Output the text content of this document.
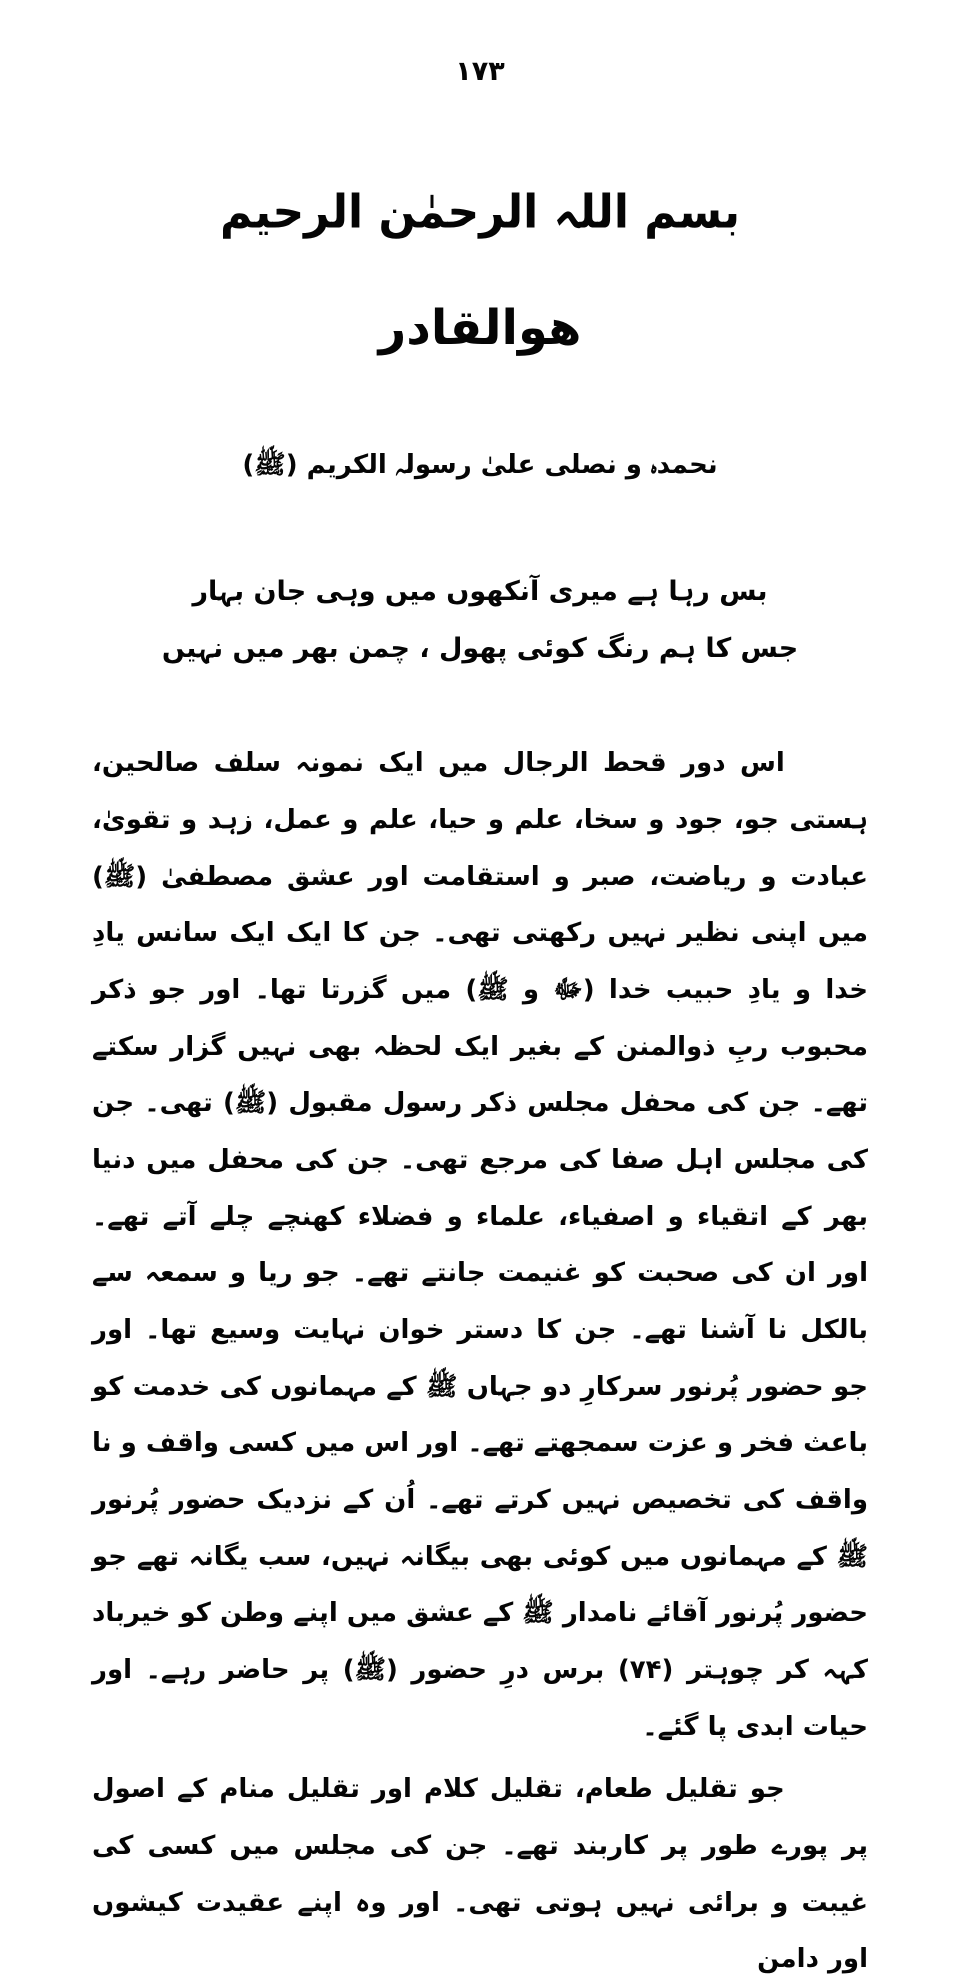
۱۷۳
بسم اللہ الرحمٰن الرحیم
ھوالقادر
نحمدہ و نصلی علیٰ رسولہ الکریم (ﷺ)
بس رہا ہے میری آنکھوں میں وہی جان بہار
جس کا ہم رنگ کوئی پھول ، چمن بھر میں نہیں

اس دور قحط الرجال میں ایک نمونہ سلف صالحین، ہستی جو، جود و سخا، علم و حیا، علم و عمل، زہد و تقویٰ، عبادت و ریاضت، صبر و استقامت اور عشق مصطفیٰ (ﷺ) میں اپنی نظیر نہیں رکھتی تھی۔ جن کا ایک ایک سانس یادِ خدا و یادِ حبیب خدا (ﷻ و ﷺ) میں گزرتا تھا۔ اور جو ذکر محبوب ربِ ذوالمنن کے بغیر ایک لحظہ بھی نہیں گزار سکتے تھے۔ جن کی محفل مجلس ذکر رسول مقبول (ﷺ) تھی۔ جن کی مجلس اہل صفا کی مرجع تھی۔ جن کی محفل میں دنیا بھر کے اتقیاء و اصفیاء، علماء و فضلاء کھنچے چلے آتے تھے۔ اور ان کی صحبت کو غنیمت جانتے تھے۔ جو ریا و سمعہ سے بالکل نا آشنا تھے۔ جن کا دستر خوان نہایت وسیع تھا۔ اور جو حضور پُرنور سرکارِ دو جہاں ﷺ کے مہمانوں کی خدمت کو باعث فخر و عزت سمجھتے تھے۔ اور اس میں کسی واقف و نا واقف کی تخصیص نہیں کرتے تھے۔ اُن کے نزدیک حضور پُرنور ﷺ کے مہمانوں میں کوئی بھی بیگانہ نہیں، سب یگانہ تھے جو حضور پُرنور آقائے نامدار ﷺ کے عشق میں اپنے وطن کو خیرباد کہہ کر چوہتر (۷۴) برس درِ حضور (ﷺ) پر حاضر رہے۔ اور حیات ابدی پا گئے۔

جو تقلیل طعام، تقلیل کلام اور تقلیل منام کے اصول پر پورے طور پر کاربند تھے۔ جن کی مجلس میں کسی کی غیبت و برائی نہیں ہوتی تھی۔ اور وہ اپنے عقیدت کیشوں اور دامن
